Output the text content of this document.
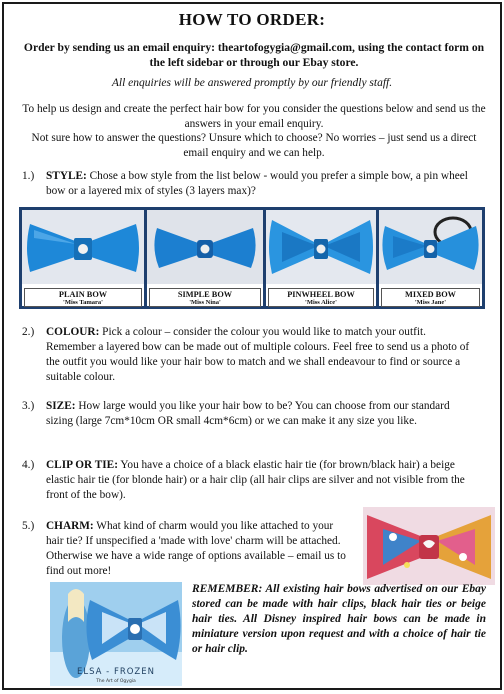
HOW TO ORDER:
Order by sending us an email enquiry: theartofogygia@gmail.com, using the contact form on the left sidebar or through our Ebay store.
All enquiries will be answered promptly by our friendly staff.
To help us design and create the perfect hair bow for you consider the questions below and send us the answers in your email enquiry.
Not sure how to answer the questions? Unsure which to choose? No worries – just send us a direct email enquiry and we can help.
1.) STYLE: Chose a bow style from the list below - would you prefer a simple bow, a pin wheel bow or a layered mix of styles (3 layers max)?
PLAIN BOW
'Miss Tamara'
SIMPLE BOW
'Miss Nina'
PINWHEEL BOW
'Miss Alice'
MIXED BOW
'Miss Jane'
2.) COLOUR: Pick a colour – consider the colour you would like to match your outfit. Remember a layered bow can be made out of multiple colours. Feel free to send us a photo of the outfit you would like your hair bow to match and we shall endeavour to find or source a suitable colour.
3.) SIZE: How large would you like your hair bow to be? You can choose from our standard sizing (large 7cm*10cm OR small 4cm*6cm) or we can make it any size you like.
4.) CLIP OR TIE: You have a choice of a black elastic hair tie (for brown/black hair) a beige elastic hair tie (for blonde hair) or a hair clip (all hair clips are silver and not visible from the front of the bow).
5.) CHARM: What kind of charm would you like attached to your hair tie? If unspecified a 'made with love' charm will be attached. Otherwise we have a wide range of options available – email us to find out more!
ELSA - FROZEN
The Art of Ogygia
REMEMBER: All existing hair bows advertised on our Ebay stored can be made with hair clips, black hair ties or beige hair ties. All Disney inspired hair bows can be made in miniature version upon request and with a choice of hair tie or hair clip.
